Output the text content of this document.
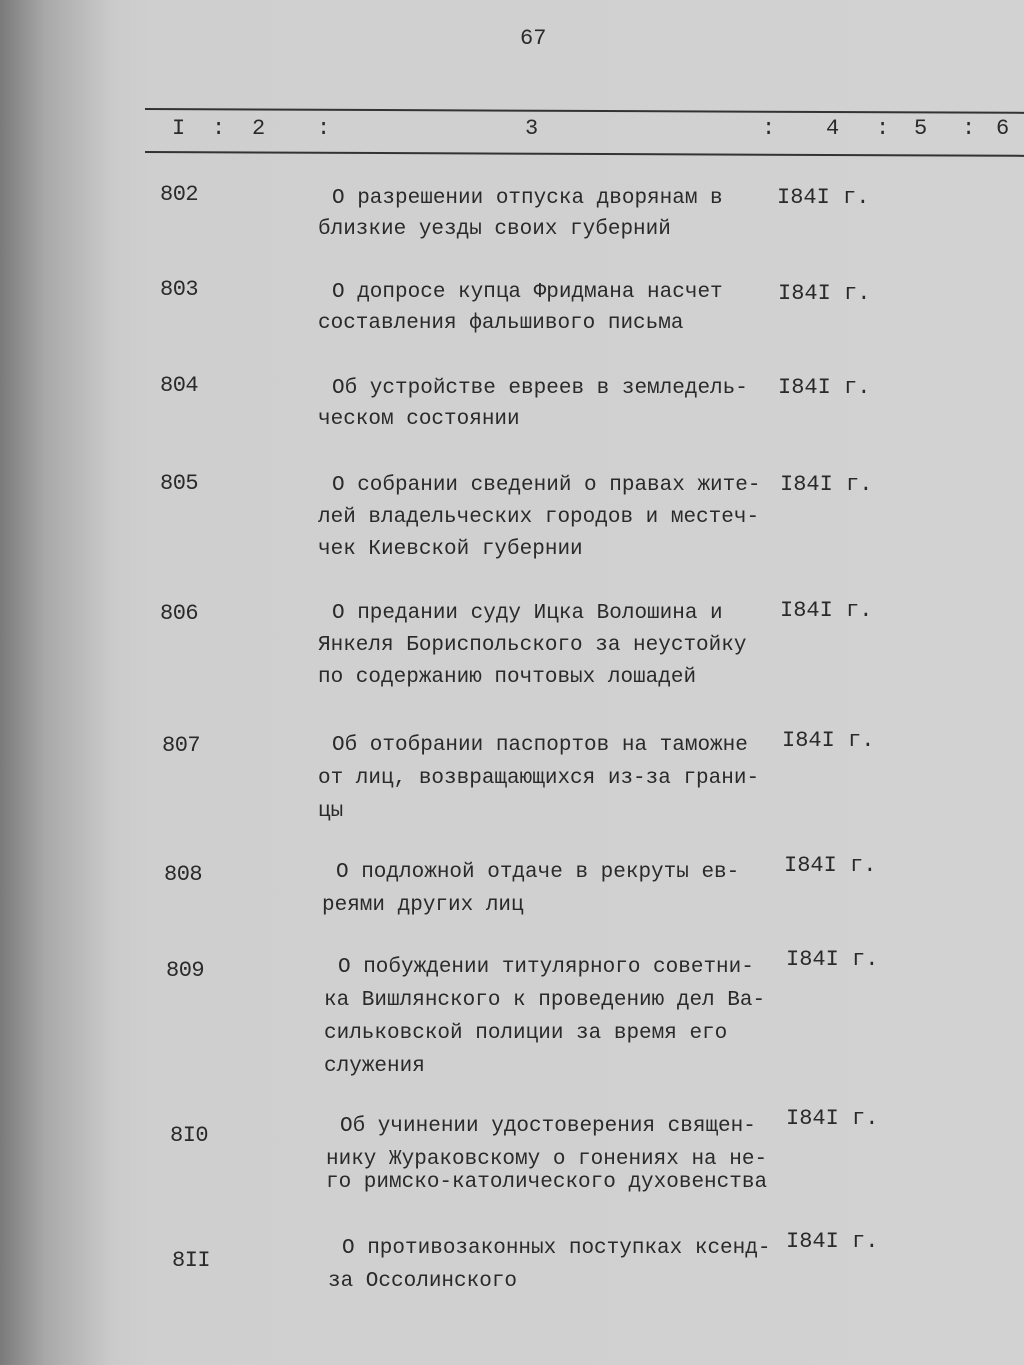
67
I : 2 :	3	: 4 : 5 : 6
802	О разрешении отпуска дворянам в
близкие уезды своих губерний
I84I г.
803	О допросе купца Фридмана насчет
составления фальшивого письма
I84I г.
804	Об устройстве евреев в земледель-
ческом состоянии
I84I г.
805	О собрании сведений о правах жите-
лей владельческих городов и местеч-
чек Киевской губернии
I84I г.
806	О предании суду Ицка Волошина и
Янкеля Бориспольского за неустойку
по содержанию почтовых лошадей
I84I г.
807	Об отобрании паспортов на таможне
от лиц, возвращающихся из-за грани-
цы
I84I г.
808	О подложной отдаче в рекруты ев-
реями других лиц
I84I г.
809	О побуждении титулярного советни-
ка Вишлянского к проведению дел Ва-
сильковской полиции за время его
служения
I84I г.
8I0	Об учинении удостоверения священ-
нику Жураковскому о гонениях на не-
го римско-католического духовенства
I84I г.
8II	О противозаконных поступках ксенд-
за Оссолинского
I84I г.
